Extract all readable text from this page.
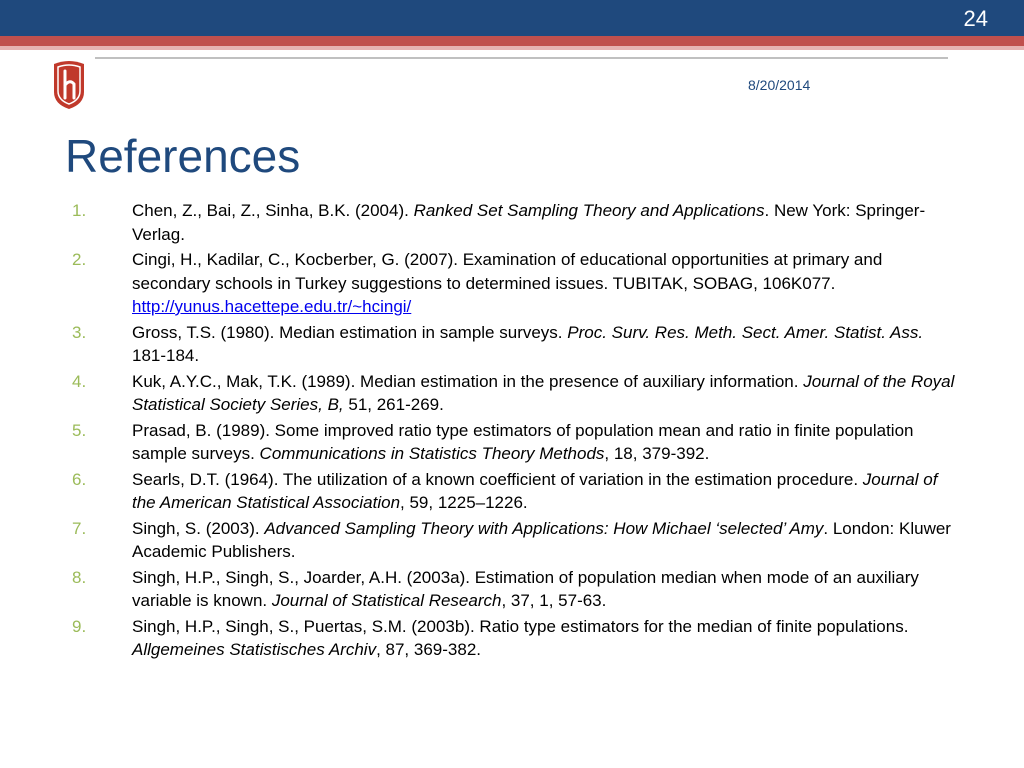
24
8/20/2014
References
1.	Chen, Z., Bai, Z., Sinha, B.K. (2004). Ranked Set Sampling Theory and Applications. New York: Springer-Verlag.
2.	Cingi, H., Kadilar, C., Kocberber, G. (2007). Examination of educational opportunities at primary and secondary schools in Turkey suggestions to determined issues. TUBITAK, SOBAG, 106K077. http://yunus.hacettepe.edu.tr/~hcingi/
3.	Gross, T.S. (1980). Median estimation in sample surveys. Proc. Surv. Res. Meth. Sect. Amer. Statist. Ass. 181-184.
4.	Kuk, A.Y.C., Mak, T.K. (1989). Median estimation in the presence of auxiliary information. Journal of the Royal Statistical Society Series, B, 51, 261-269.
5.	Prasad, B. (1989). Some improved ratio type estimators of population mean and ratio in finite population sample surveys. Communications in Statistics Theory Methods, 18, 379-392.
6.	Searls, D.T. (1964). The utilization of a known coefficient of variation in the estimation procedure. Journal of the American Statistical Association, 59, 1225–1226.
7.	Singh, S. (2003). Advanced Sampling Theory with Applications: How Michael ‘selected’ Amy. London: Kluwer Academic Publishers.
8.	Singh, H.P., Singh, S., Joarder, A.H. (2003a). Estimation of population median when mode of an auxiliary variable is known. Journal of Statistical Research, 37, 1, 57-63.
9.	Singh, H.P., Singh, S., Puertas, S.M. (2003b). Ratio type estimators for the median of finite populations. Allgemeines Statistisches Archiv, 87, 369-382.
